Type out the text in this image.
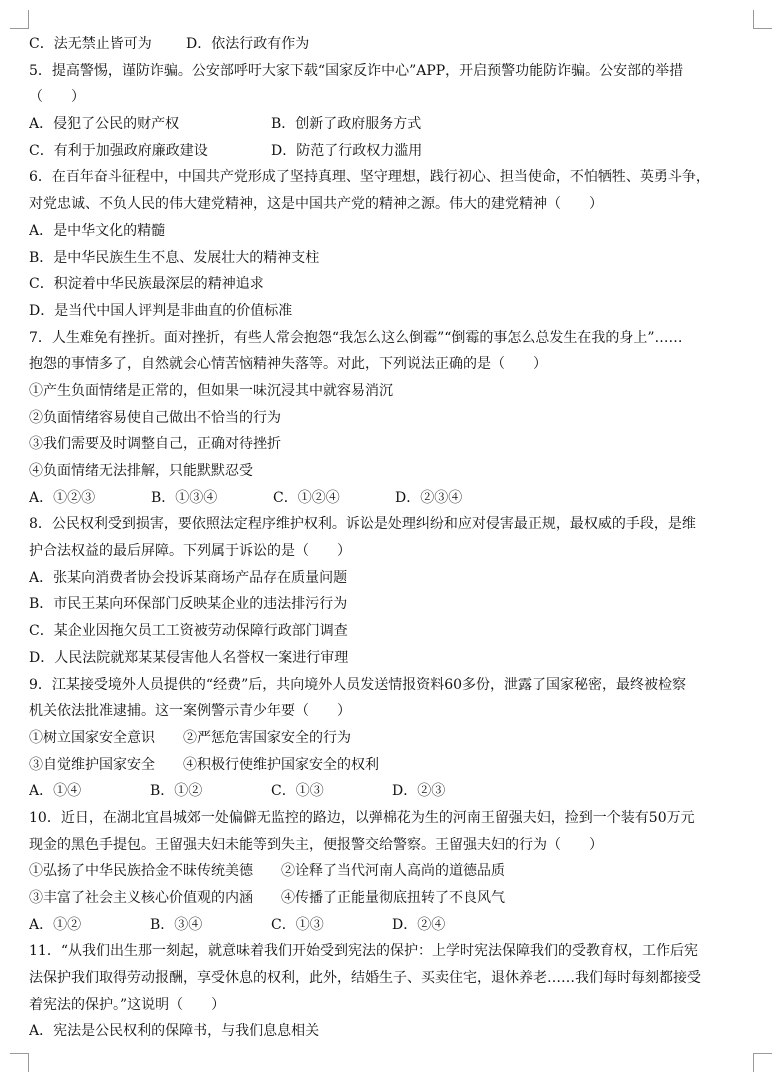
C．法无禁止皆可为 D．依法行政有作为
5．提高警惕，谨防诈骗。公安部呼吁大家下载“国家反诈中心”APP，开启预警功能防诈骗。公安部的举措
（　　）
A．侵犯了公民的财产权	B．创新了政府服务方式
C．有利于加强政府廉政建设	D．防范了行政权力滥用
6．在百年奋斗征程中，中国共产党形成了坚持真理、坚守理想，践行初心、担当使命，不怕牺牲、英勇斗争，
对党忠诚、不负人民的伟大建党精神，这是中国共产党的精神之源。伟大的建党精神（　　）
A．是中华文化的精髓
B．是中华民族生生不息、发展壮大的精神支柱
C．积淀着中华民族最深层的精神追求
D．是当代中国人评判是非曲直的价值标准
7．人生难免有挫折。面对挫折，有些人常会抱怨“我怎么这么倒霉”“倒霉的事怎么总发生在我的身上”……
抱怨的事情多了，自然就会心情苦恼精神失落等。对此，下列说法正确的是（　　）
①产生负面情绪是正常的，但如果一味沉浸其中就容易消沉
②负面情绪容易使自己做出不恰当的行为
③我们需要及时调整自己，正确对待挫折
④负面情绪无法排解，只能默默忍受
A．①②③	B．①③④	C．①②④	D．②③④
8．公民权利受到损害，要依照法定程序维护权利。诉讼是处理纠纷和应对侵害最正规，最权威的手段，是维
护合法权益的最后屏障。下列属于诉讼的是（　　）
A．张某向消费者协会投诉某商场产品存在质量问题
B．市民王某向环保部门反映某企业的违法排污行为
C．某企业因拖欠员工工资被劳动保障行政部门调查
D．人民法院就郑某某侵害他人名誉权一案进行审理
9．江某接受境外人员提供的“经费”后，共向境外人员发送情报资料60多份，泄露了国家秘密，最终被检察
机关依法批准逮捕。这一案例警示青少年要（　　）
①树立国家安全意识　　②严惩危害国家安全的行为
③自觉维护国家安全　　④积极行使维护国家安全的权利
A．①④	B．①②	C．①③	D．②③
10．近日，在湖北宜昌城郊一处偏僻无监控的路边，以弹棉花为生的河南王留强夫妇，捡到一个装有50万元
现金的黑色手提包。王留强夫妇未能等到失主，便报警交给警察。王留强夫妇的行为（　　）
①弘扬了中华民族拾金不昧传统美德　　②诠释了当代河南人高尚的道德品质
③丰富了社会主义核心价值观的内涵　　④传播了正能量彻底扭转了不良风气
A．①②	B．③④	C．①③	D．②④
11．“从我们出生那一刻起，就意味着我们开始受到宪法的保护：上学时宪法保障我们的受教育权，工作后宪
法保护我们取得劳动报酬，享受休息的权利，此外，结婚生子、买卖住宅，退休养老……我们每时每刻都接受
着宪法的保护。”这说明（　　）
A．宪法是公民权利的保障书，与我们息息相关
